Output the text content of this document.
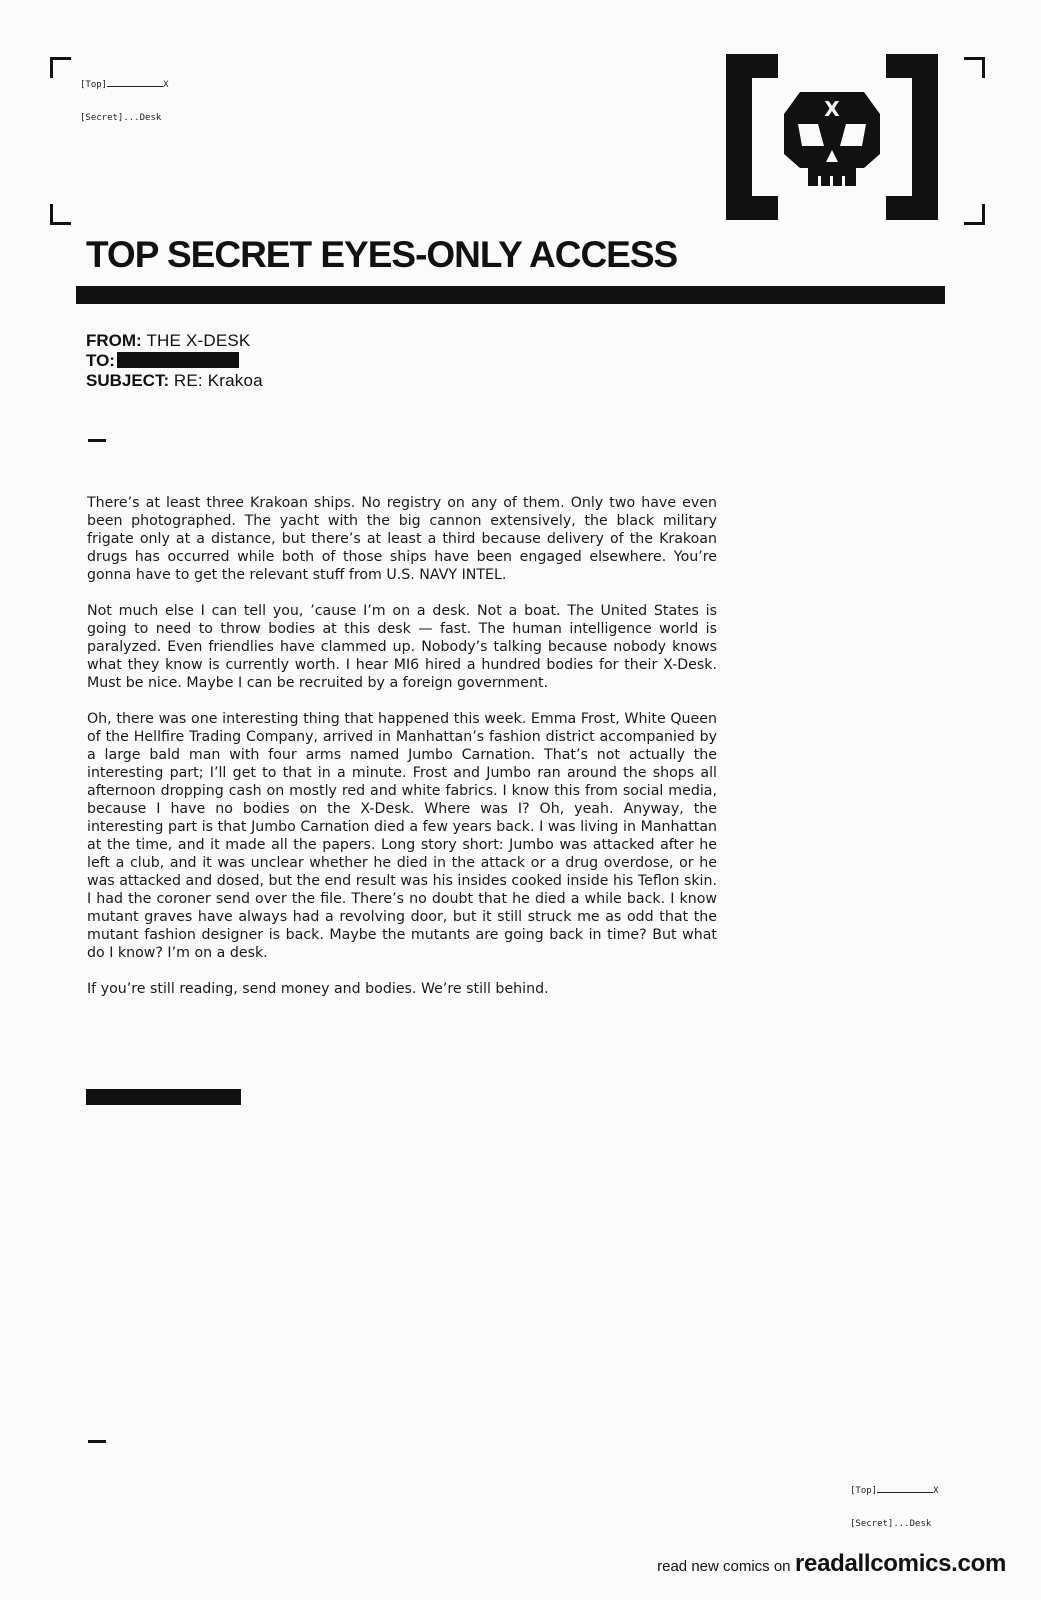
[Top]	X

[Secret]...Desk	X
TOP SECRET EYES-ONLY ACCESS
FROM: THE X-DESK
TO:
SUBJECT: RE: Krakoa

There’s at least three Krakoan ships. No registry on any of them. Only two have even been photographed. The yacht with the big cannon extensively, the black military frigate only at a distance, but there’s at least a third because delivery of the Krakoan drugs has occurred while both of those ships have been engaged elsewhere. You’re gonna have to get the relevant stuff from U.S. NAVY INTEL.

Not much else I can tell you, ’cause I’m on a desk. Not a boat. The United States is going to need to throw bodies at this desk — fast. The human intelligence world is paralyzed. Even friendlies have clammed up. Nobody’s talking because nobody knows what they know is currently worth. I hear MI6 hired a hundred bodies for their X-Desk. Must be nice. Maybe I can be recruited by a foreign government.

Oh, there was one interesting thing that happened this week. Emma Frost, White Queen of the Hellfire Trading Company, arrived in Manhattan’s fashion district accompanied by a large bald man with four arms named Jumbo Carnation. That’s not actually the interesting part; I’ll get to that in a minute. Frost and Jumbo ran around the shops all afternoon dropping cash on mostly red and white fabrics. I know this from social media, because I have no bodies on the X-Desk. Where was I? Oh, yeah. Anyway, the interesting part is that Jumbo Carnation died a few years back. I was living in Manhattan at the time, and it made all the papers. Long story short: Jumbo was attacked after he left a club, and it was unclear whether he died in the attack or a drug overdose, or he was attacked and dosed, but the end result was his insides cooked inside his Teflon skin. I had the coroner send over the file. There’s no doubt that he died a while back. I know mutant graves have always had a revolving door, but it still struck me as odd that the mutant fashion designer is back. Maybe the mutants are going back in time? But what do I know? I’m on a desk.

If you’re still reading, send money and bodies. We’re still behind.

[Top]	X

[Secret]...Desk

read new comics on readallcomics.com
